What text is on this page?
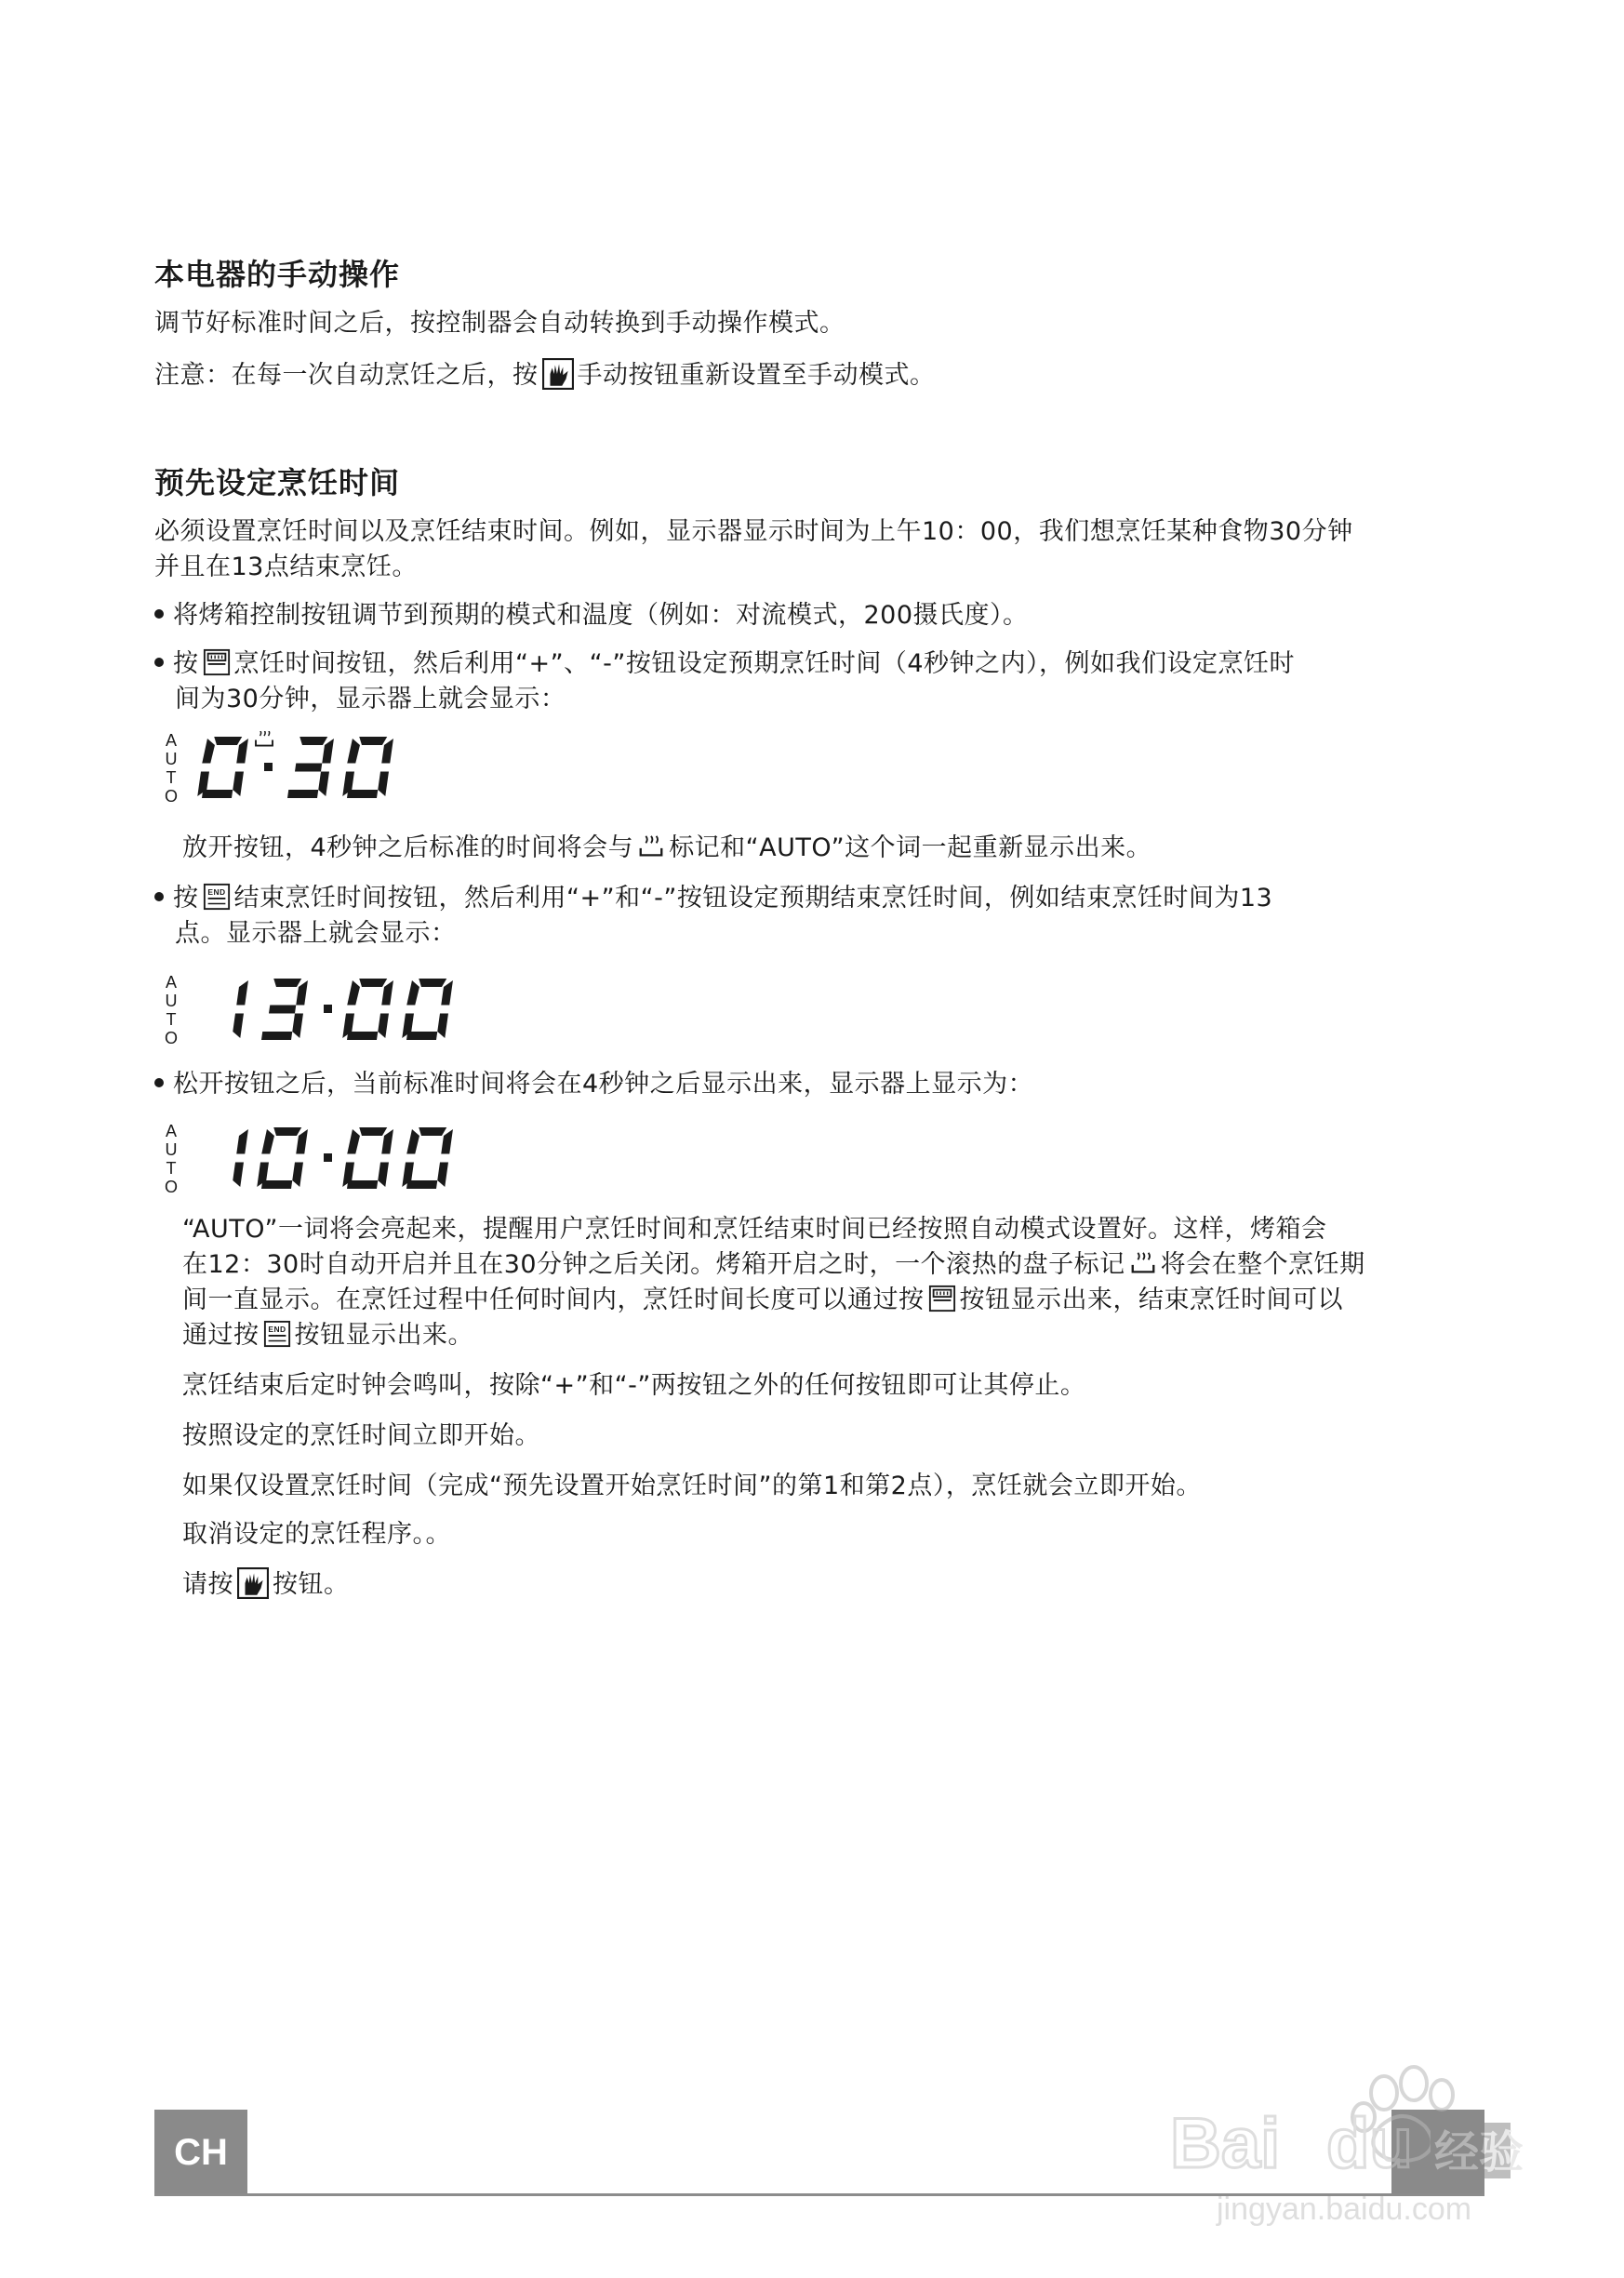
本电器的手动操作
调节好标准时间之后，按控制器会自动转换到手动操作模式。
注意：在每一次自动烹饪之后，按 手动按钮重新设置至手动模式。
预先设定烹饪时间
必须设置烹饪时间以及烹饪结束时间。例如，显示器显示时间为上午10：00，我们想烹饪某种食物30分钟
并且在13点结束烹饪。
将烤箱控制按钮调节到预期的模式和温度（例如：对流模式，200摄氏度）。
按 烹饪时间按钮，然后利用“+”、“-”按钮设定预期烹饪时间（4秒钟之内），例如我们设定烹饪时
间为30分钟，显示器上就会显示：
A
U
T
O
放开按钮，4秒钟之后标准的时间将会与 标记和“AUTO”这个词一起重新显示出来。
按 结束烹饪时间按钮，然后利用“+”和“-”按钮设定预期结束烹饪时间，例如结束烹饪时间为13
点。显示器上就会显示：
A
U
T
O
松开按钮之后，当前标准时间将会在4秒钟之后显示出来，显示器上显示为：
A
U
T
O
“AUTO”一词将会亮起来，提醒用户烹饪时间和烹饪结束时间已经按照自动模式设置好。这样，烤箱会
在12：30时自动开启并且在30分钟之后关闭。烤箱开启之时，一个滚热的盘子标记 将会在整个烹饪期
间一直显示。在烹饪过程中任何时间内，烹饪时间长度可以通过按 按钮显示出来，结束烹饪时间可以
通过按 按钮显示出来。
烹饪结束后定时钟会鸣叫，按除“+”和“-”两按钮之外的任何按钮即可让其停止。
按照设定的烹饪时间立即开始。
如果仅设置烹饪时间（完成“预先设置开始烹饪时间”的第1和第2点），烹饪就会立即开始。
取消设定的烹饪程序。。
请按 按钮。
CH	Bai du 经验
jingyan.baidu.com
